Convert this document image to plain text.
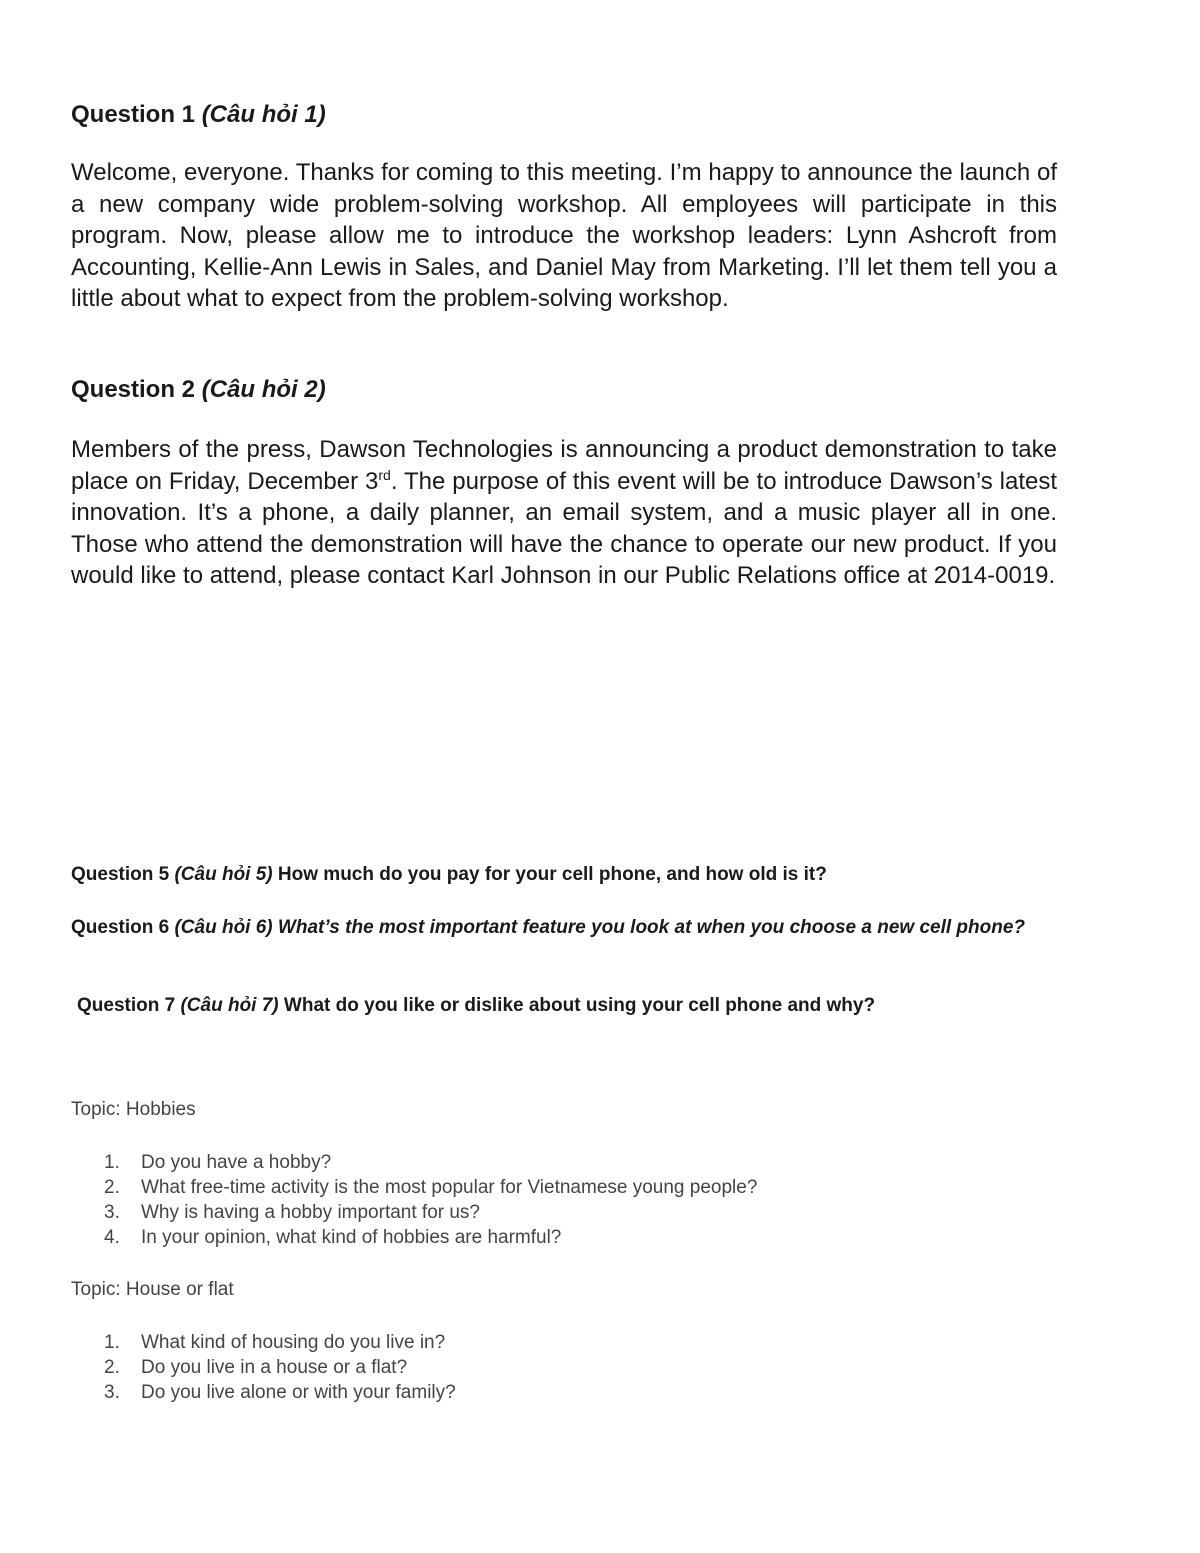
Question 1 (Câu hỏi 1)

Welcome, everyone. Thanks for coming to this meeting. I’m happy to announce the launch of a new company wide problem-solving workshop. All employees will participate in this program. Now, please allow me to introduce the workshop leaders: Lynn Ashcroft from Accounting, Kellie-Ann Lewis in Sales, and Daniel May from Marketing. I’ll let them tell you a little about what to expect from the problem-solving workshop.

Question 2 (Câu hỏi 2)

Members of the press, Dawson Technologies is announcing a product demonstration to take place on Friday, December 3rd. The purpose of this event will be to introduce Dawson’s latest innovation. It’s a phone, a daily planner, an email system, and a music player all in one. Those who attend the demonstration will have the chance to operate our new product. If you would like to attend, please contact Karl Johnson in our Public Relations office at 2014-0019.

Question 5 (Câu hỏi 5) How much do you pay for your cell phone, and how old is it?

Question 6 (Câu hỏi 6) What’s the most important feature you look at when you choose a new cell phone?

Question 7 (Câu hỏi 7) What do you like or dislike about using your cell phone and why?

Topic: Hobbies

1.	Do you have a hobby?
2.	What free-time activity is the most popular for Vietnamese young people?
3.	Why is having a hobby important for us?
4.	In your opinion, what kind of hobbies are harmful?

Topic: House or flat

1.	What kind of housing do you live in?
2.	Do you live in a house or a flat?
3.	Do you live alone or with your family?
